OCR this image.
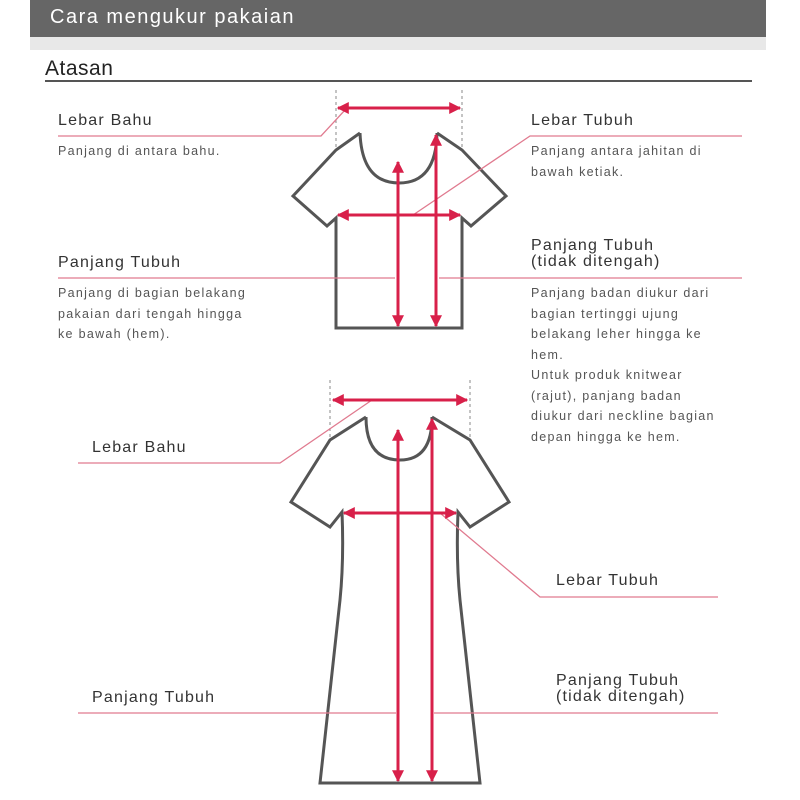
Cara mengukur pakaian
Atasan
Lebar Bahu
Panjang di antara bahu.
Lebar Tubuh
Panjang antara jahitan di
bawah ketiak.
Panjang Tubuh
Panjang di bagian belakang
pakaian dari tengah hingga
ke bawah (hem).
Panjang Tubuh
(tidak ditengah)
Panjang badan diukur dari
bagian tertinggi ujung
belakang leher hingga ke
hem.
Untuk produk knitwear
(rajut), panjang badan
diukur dari neckline bagian
depan hingga ke hem.
Lebar Bahu
Lebar Tubuh
Panjang Tubuh
Panjang Tubuh
(tidak ditengah)
